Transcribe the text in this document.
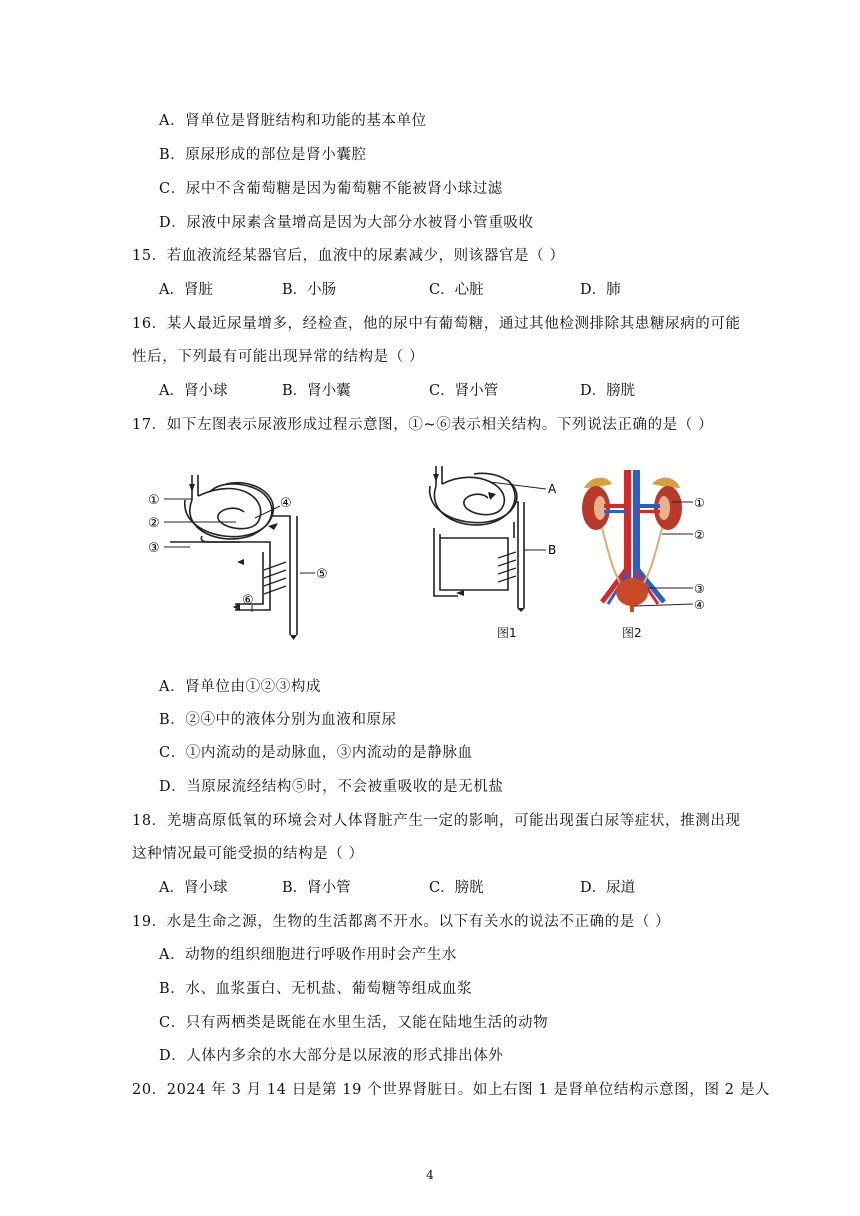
A．肾单位是肾脏结构和功能的基本单位
B．原尿形成的部位是肾小囊腔
C．尿中不含葡萄糖是因为葡萄糖不能被肾小球过滤
D．尿液中尿素含量增高是因为大部分水被肾小管重吸收
15．若血液流经某器官后，血液中的尿素减少，则该器官是（ ）
A．肾脏	B．小肠	C．心脏	D．肺
16．某人最近尿量增多，经检查，他的尿中有葡萄糖，通过其他检测排除其患糖尿病的可能
性后，下列最有可能出现异常的结构是（ ）
A．肾小球	B．肾小囊	C．肾小管	D．膀胱
17．如下左图表示尿液形成过程示意图，①~⑥表示相关结构。下列说法正确的是（ ）
①
②
③
④
⑤
⑥
A
B
图1
①
②
③
④
图2
A．肾单位由①②③构成
B．②④中的液体分别为血液和原尿
C．①内流动的是动脉血，③内流动的是静脉血
D．当原尿流经结构⑤时，不会被重吸收的是无机盐
18．羌塘高原低氧的环境会对人体肾脏产生一定的影响，可能出现蛋白尿等症状，推测出现
这种情况最可能受损的结构是（ ）
A．肾小球	B．肾小管	C．膀胱	D．尿道
19．水是生命之源，生物的生活都离不开水。以下有关水的说法不正确的是（ ）
A．动物的组织细胞进行呼吸作用时会产生水
B．水、血浆蛋白、无机盐、葡萄糖等组成血浆
C．只有两栖类是既能在水里生活，又能在陆地生活的动物
D．人体内多余的水大部分是以尿液的形式排出体外
20．2024 年 3 月 14 日是第 19 个世界肾脏日。如上右图 1 是肾单位结构示意图，图 2 是人
4
